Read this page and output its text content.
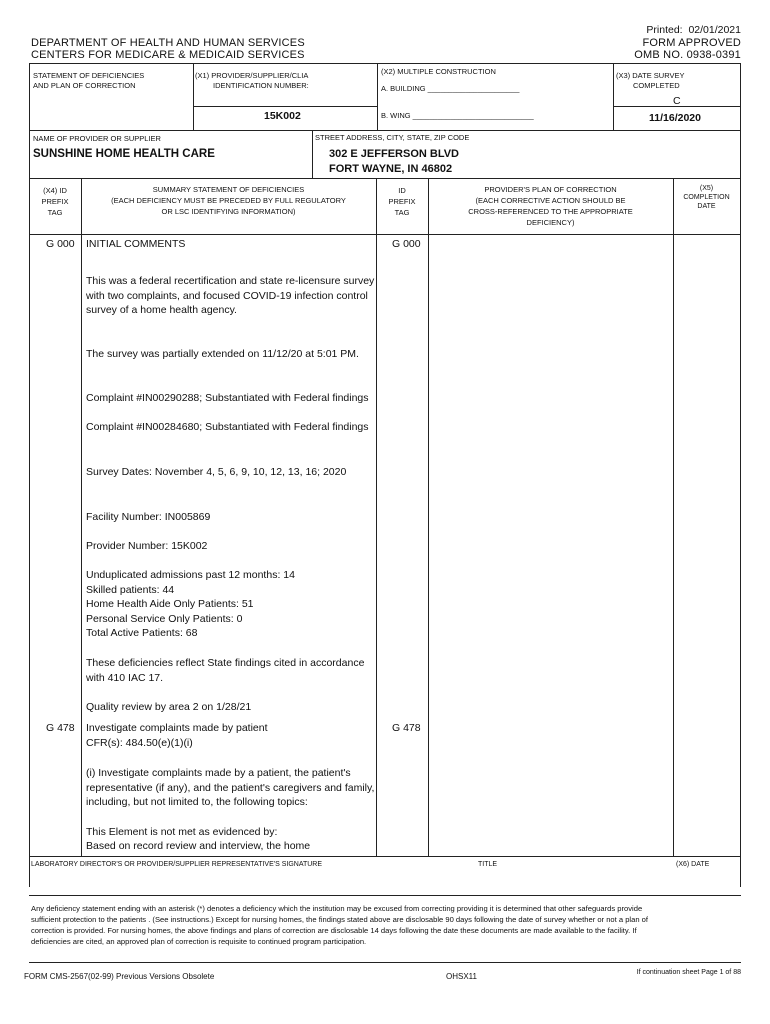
Printed: 02/01/2021
FORM APPROVED
OMB NO. 0938-0391
DEPARTMENT OF HEALTH AND HUMAN SERVICES
CENTERS FOR MEDICARE & MEDICAID SERVICES
STATEMENT OF DEFICIENCIES
AND PLAN OF CORRECTION
(X1) PROVIDER/SUPPLIER/CLIA
IDENTIFICATION NUMBER:
15K002
(X2) MULTIPLE CONSTRUCTION
A. BUILDING ______________________
B. WING _____________________________
(X3) DATE SURVEY
COMPLETED
C
11/16/2020
NAME OF PROVIDER OR SUPPLIER
SUNSHINE HOME HEALTH CARE
STREET ADDRESS, CITY, STATE, ZIP CODE
302 E JEFFERSON BLVD
FORT WAYNE, IN 46802
(X4) ID
PREFIX
TAG
SUMMARY STATEMENT OF DEFICIENCIES
(EACH DEFICIENCY MUST BE PRECEDED BY FULL REGULATORY
OR LSC IDENTIFYING INFORMATION)
ID
PREFIX
TAG
PROVIDER'S PLAN OF CORRECTION
(EACH CORRECTIVE ACTION SHOULD BE
CROSS-REFERENCED TO THE APPROPRIATE
DEFICIENCY)
(X5)
COMPLETION
DATE
G 000 INITIAL COMMENTS	G 000
This was a federal recertification and state re-licensure survey with two complaints, and focused COVID-19 infection control survey of a home health agency.
The survey was partially extended on 11/12/20 at 5:01 PM.
Complaint #IN00290288; Substantiated with Federal findings
Complaint #IN00284680; Substantiated with Federal findings
Survey Dates: November 4, 5, 6, 9, 10, 12, 13, 16; 2020
Facility Number: IN005869
Provider Number: 15K002
Unduplicated admissions past 12 months: 14
Skilled patients: 44
Home Health Aide Only Patients: 51
Personal Service Only Patients: 0
Total Active Patients: 68
These deficiencies reflect State findings cited in accordance with 410 IAC 17.
Quality review by area 2 on 1/28/21
G 478 Investigate complaints made by patient	G 478
CFR(s): 484.50(e)(1)(i)
(i) Investigate complaints made by a patient, the patient's representative (if any), and the patient's caregivers and family, including, but not limited to, the following topics:
This Element is not met as evidenced by:
Based on record review and interview, the home
LABORATORY DIRECTOR'S OR PROVIDER/SUPPLIER REPRESENTATIVE'S SIGNATURE	TITLE	(X6) DATE
Any deficiency statement ending with an asterisk (*) denotes a deficiency which the institution may be excused from correcting providing it is determined that other safeguards provide sufficient protection to the patients . (See instructions.) Except for nursing homes, the findings stated above are disclosable 90 days following the date of survey whether or not a plan of correction is provided. For nursing homes, the above findings and plans of correction are disclosable 14 days following the date these documents are made available to the facility. If deficiencies are cited, an approved plan of correction is requisite to continued program participation.
FORM CMS-2567(02-99) Previous Versions Obsolete	OHSX11	If continuation sheet Page 1 of 88
